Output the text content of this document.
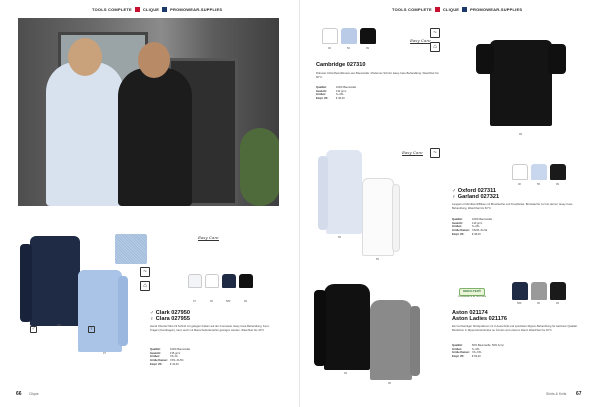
TOOLS COMPLETE	CLIQUE	PROMOWEAR-SUPPLIES
~
⌂
Easy Care
580
97
♂	♀
97	00	580	99
♂ Clark 027950
♀ Clara 027955
Hemd Oberteil Slim-Fit Schnitt mit gelegten Falten auf der Innenseite. Easy-Care-Behandlung, Kent-Kragen (Kentkragen), kann auch mit Manschettenknöpfen getragen werden. Waschbar bis 40°C
Qualität:	100% Baumwolle
Gewicht:	135 g/m²
Größen:	XS–XL
Größe Damen: XXS–XL/54
Empf. VK:	€ 44,00
66 Clique
TOOLS COMPLETE	CLIQUE	PROMOWEAR-SUPPLIES
00	56	99
Easy Care
~
⌂
Cambridge 027310
Robuste Oxfordhemd/Hosen-aus Baumwolle. Modernes Schnitt, Easy-Care-Behandlung. Waschbar bis 60°C.
Qualität:	100% Baumwolle
Gewicht:	132 g/m²
Größen:	S–4XL
Empf. VK:	€ 46,00
99
55
55
Easy Care	~
00	55	99
♂ Oxford 027311
♀ Garland 027321
Langarm-Oxfordhemd/Bluse mit Brusttasche und Knopfleiste. Brusttasche nur bei Herren. Easy-Care-Behandlung, Waschbar bis 60°C.
Qualität:	100% Baumwolle
Gewicht:	130 g/m²
Größen:	S–3XL
Größe Damen: XS/36–XL/44
Empf. VK:	€ 48,00
99
95
OEKO-TEX®
CONFIDENCE IN TEXTILES
580	95	99
Aston 021174
Aston Ladies 021176
Ein hochwertiger Strickpullover mit V-Ausschnitt und speziellen Rippen-Behandlung für weichere Qualität. Bündchen in Rippenstrickstruktur an Ärmeln und unterem Rand. Waschbar bis 40°C
Qualität:	50% Baumwolle, 50% Acryl
Größen:	S–4XL
Größe Damen: XS–XXL
Empf. VK:	€ 69,00
Shirts & Knits 67
